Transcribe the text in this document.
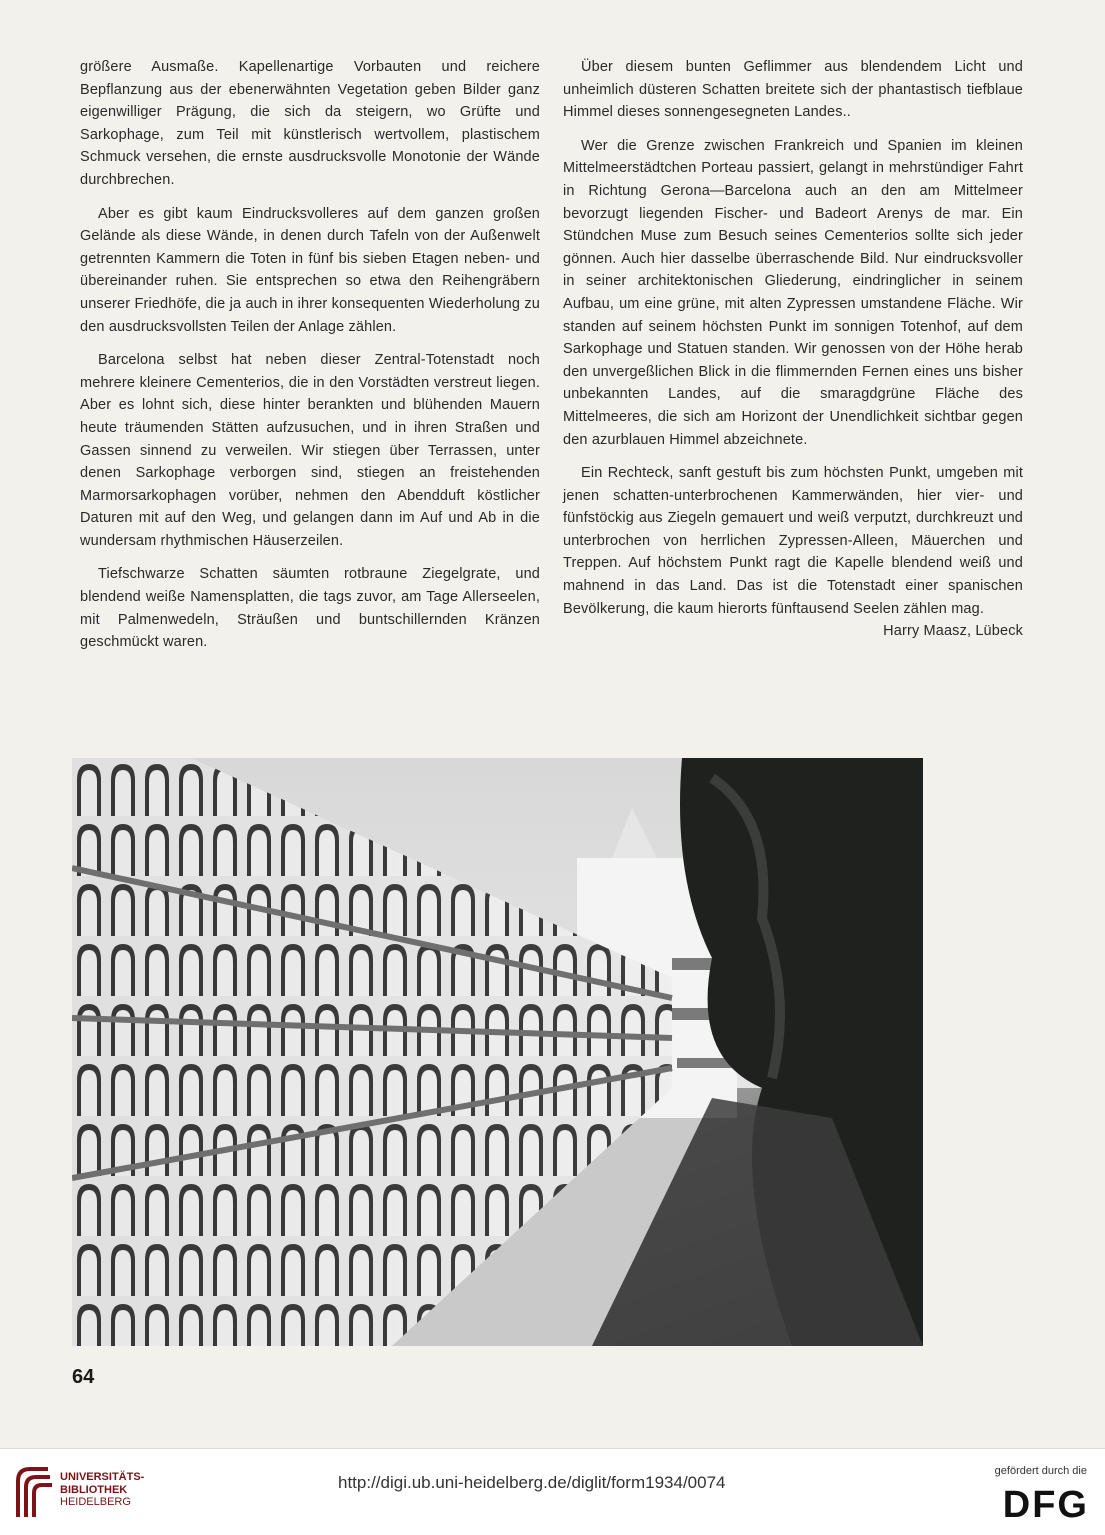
größere Ausmaße. Kapellenartige Vorbauten und reichere Bepflanzung aus der ebenerwähnten Vegetation geben Bilder ganz eigenwilliger Prägung, die sich da steigern, wo Grüfte und Sarkophage, zum Teil mit künstlerisch wertvollem, plastischem Schmuck versehen, die ernste ausdrucksvolle Monotonie der Wände durchbrechen.

Aber es gibt kaum Eindrucksvolleres auf dem ganzen großen Gelände als diese Wände, in denen durch Tafeln von der Außenwelt getrennten Kammern die Toten in fünf bis sieben Etagen neben- und übereinander ruhen. Sie entsprechen so etwa den Reihengräbern unserer Friedhöfe, die ja auch in ihrer konsequenten Wiederholung zu den ausdrucksvollsten Teilen der Anlage zählen.

Barcelona selbst hat neben dieser Zentral-Totenstadt noch mehrere kleinere Cementerios, die in den Vorstädten verstreut liegen. Aber es lohnt sich, diese hinter berankten und blühenden Mauern heute träumenden Stätten aufzusuchen, und in ihren Straßen und Gassen sinnend zu verweilen. Wir stiegen über Terrassen, unter denen Sarkophage verborgen sind, stiegen an freistehenden Marmorsarkophagen vorüber, nehmen den Abendduft köstlicher Daturen mit auf den Weg, und gelangen dann im Auf und Ab in die wundersam rhythmischen Häuserzeilen.

Tiefschwarze Schatten säumten rotbraune Ziegelgrate, und blendend weiße Namensplatten, die tags zuvor, am Tage Allerseelen, mit Palmenwedeln, Sträußen und buntschillernden Kränzen geschmückt waren.

Über diesem bunten Geflimmer aus blendendem Licht und unheimlich düsteren Schatten breitete sich der phantastisch tiefblaue Himmel dieses sonnengesegneten Landes..

Wer die Grenze zwischen Frankreich und Spanien im kleinen Mittelmeerstädtchen Porteau passiert, gelangt in mehrstündiger Fahrt in Richtung Gerona—Barcelona auch an den am Mittelmeer bevorzugt liegenden Fischer- und Badeort Arenys de mar. Ein Stündchen Muse zum Besuch seines Cementerios sollte sich jeder gönnen. Auch hier dasselbe überraschende Bild. Nur eindrucksvoller in seiner architektonischen Gliederung, eindringlicher in seinem Aufbau, um eine grüne, mit alten Zypressen umstandene Fläche. Wir standen auf seinem höchsten Punkt im sonnigen Totenhof, auf dem Sarkophage und Statuen standen. Wir genossen von der Höhe herab den unvergeßlichen Blick in die flimmernden Fernen eines uns bisher unbekannten Landes, auf die smaragdgrüne Fläche des Mittelmeeres, die sich am Horizont der Unendlichkeit sichtbar gegen den azurblauen Himmel abzeichnete.

Ein Rechteck, sanft gestuft bis zum höchsten Punkt, umgeben mit jenen schatten-unterbrochenen Kammerwänden, hier vier- und fünfstöckig aus Ziegeln gemauert und weiß verputzt, durchkreuzt und unterbrochen von herrlichen Zypressen-Alleen, Mäuerchen und Treppen. Auf höchstem Punkt ragt die Kapelle blendend weiß und mahnend in das Land. Das ist die Totenstadt einer spanischen Bevölkerung, die kaum hierorts fünftausend Seelen zählen mag.
Harry Maasz, Lübeck

64
UNIVERSITÄTS-
BIBLIOTHEK
HEIDELBERG
http://digi.ub.uni-heidelberg.de/diglit/form1934/0074
gefördert durch die
DFG
